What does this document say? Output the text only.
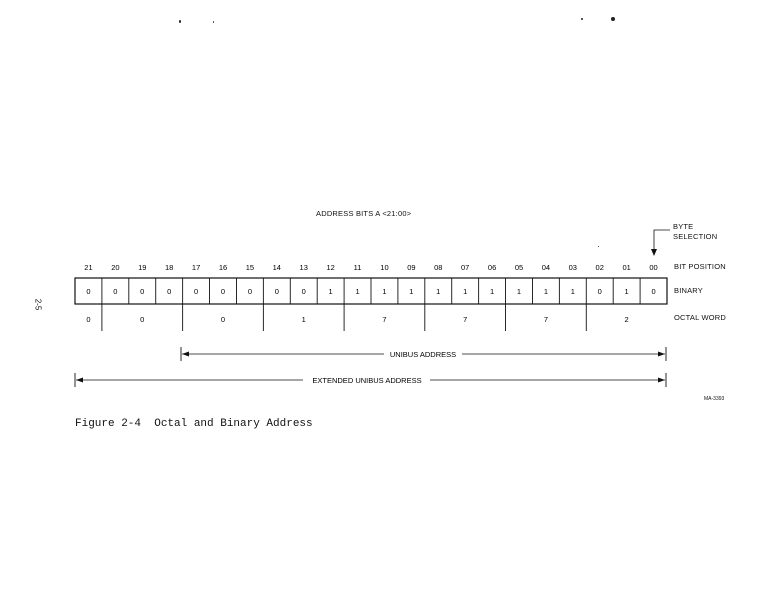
2-5
ADDRESS BITS A <21:00>
BYTE
SELECTION
BIT POSITION
BINARY
OCTAL WORD
MA-3393
Figure 2-4  Octal and Binary Address
21 20 19 18 17 16 15 14 13 12	11	10 09 08 07 06 05 04 03 02 01 00
0	0	0	0	0	0	0	0	0	1	1	1	1	1	1	1	1	1	1	0	1	0
0	0	0	1	7	7	7	2
UNIBUS ADDRESS
EXTENDED UNIBUS ADDRESS
